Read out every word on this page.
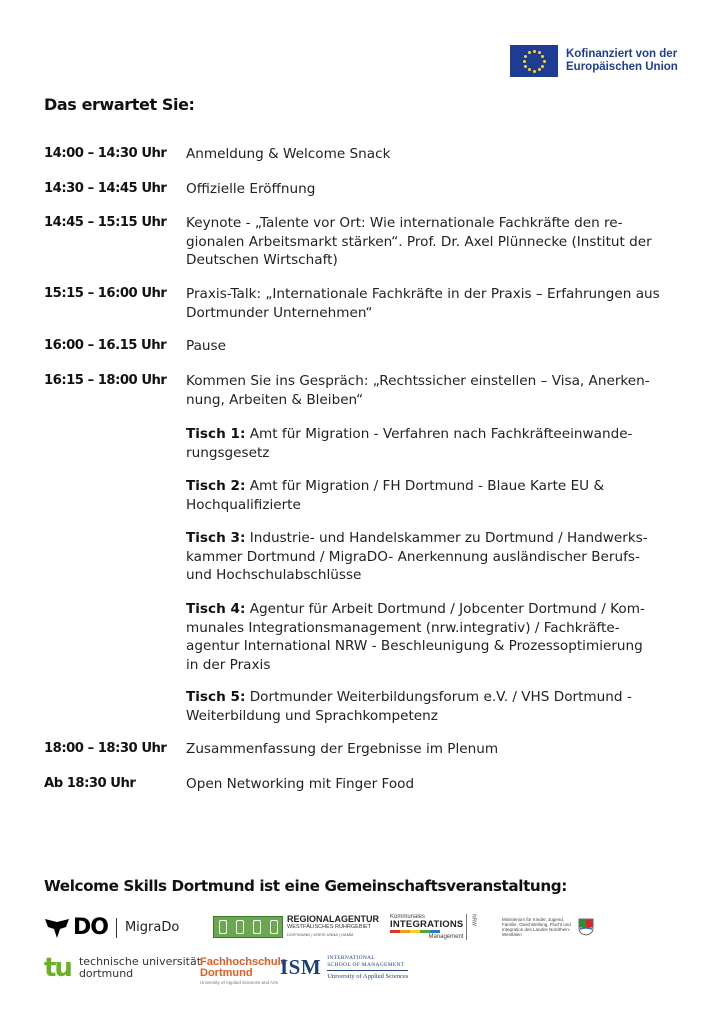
Kofinanziert von der
Europäischen Union
Das erwartet Sie:
14:00 – 14:30 Uhr	Anmeldung & Welcome Snack
14:30 – 14:45 Uhr	Offizielle Eröffnung
14:45 – 15:15 Uhr	Keynote - „Talente vor Ort: Wie internationale Fachkräfte den re-
gionalen Arbeitsmarkt stärken“. Prof. Dr. Axel Plünnecke (Institut der
Deutschen Wirtschaft)
15:15 – 16:00 Uhr	Praxis-Talk: „Internationale Fachkräfte in der Praxis – Erfahrungen aus
Dortmunder Unternehmen“
16:00 – 16.15 Uhr	Pause
16:15 – 18:00 Uhr	Kommen Sie ins Gespräch: „Rechtssicher einstellen – Visa, Anerken-
nung, Arbeiten & Bleiben“
Tisch 1: Amt für Migration - Verfahren nach Fachkräfteeinwande-
rungsgesetz
Tisch 2: Amt für Migration / FH Dortmund - Blaue Karte EU &
Hochqualifizierte
Tisch 3: Industrie- und Handelskammer zu Dortmund / Handwerks-
kammer Dortmund / MigraDO- Anerkennung ausländischer Berufs-
und Hochschulabschlüsse
Tisch 4: Agentur für Arbeit Dortmund / Jobcenter Dortmund / Kom-
munales Integrationsmanagement (nrw.integrativ) / Fachkräfte-
agentur International NRW - Beschleunigung & Prozessoptimierung
in der Praxis
Tisch 5: Dortmunder Weiterbildungsforum e.V. / VHS Dortmund -
Weiterbildung und Sprachkompetenz
18:00 – 18:30 Uhr	Zusammenfassung der Ergebnisse im Plenum
Ab 18:30 Uhr	Open Networking mit Finger Food
Welcome Skills Dortmund ist eine Gemeinschaftsveranstaltung:
DO MigraDo
REGIONALAGENTUR
WESTFÄLISCHES RUHRGEBIET
DORTMUND | KREIS UNNA | HAMM
Kommunales
INTEGRATIONS
Management
NRW	Ministerium für Kinder, Jugend, Familie, Gleichstellung, Flucht und Integration des Landes Nordrhein-Westfalen
tu technische universität
dortmund
Fachhochschule
Dortmund
University of Applied Sciences and Arts
ISM INTERNATIONAL
SCHOOL OF MANAGEMENT
University of Applied Sciences
